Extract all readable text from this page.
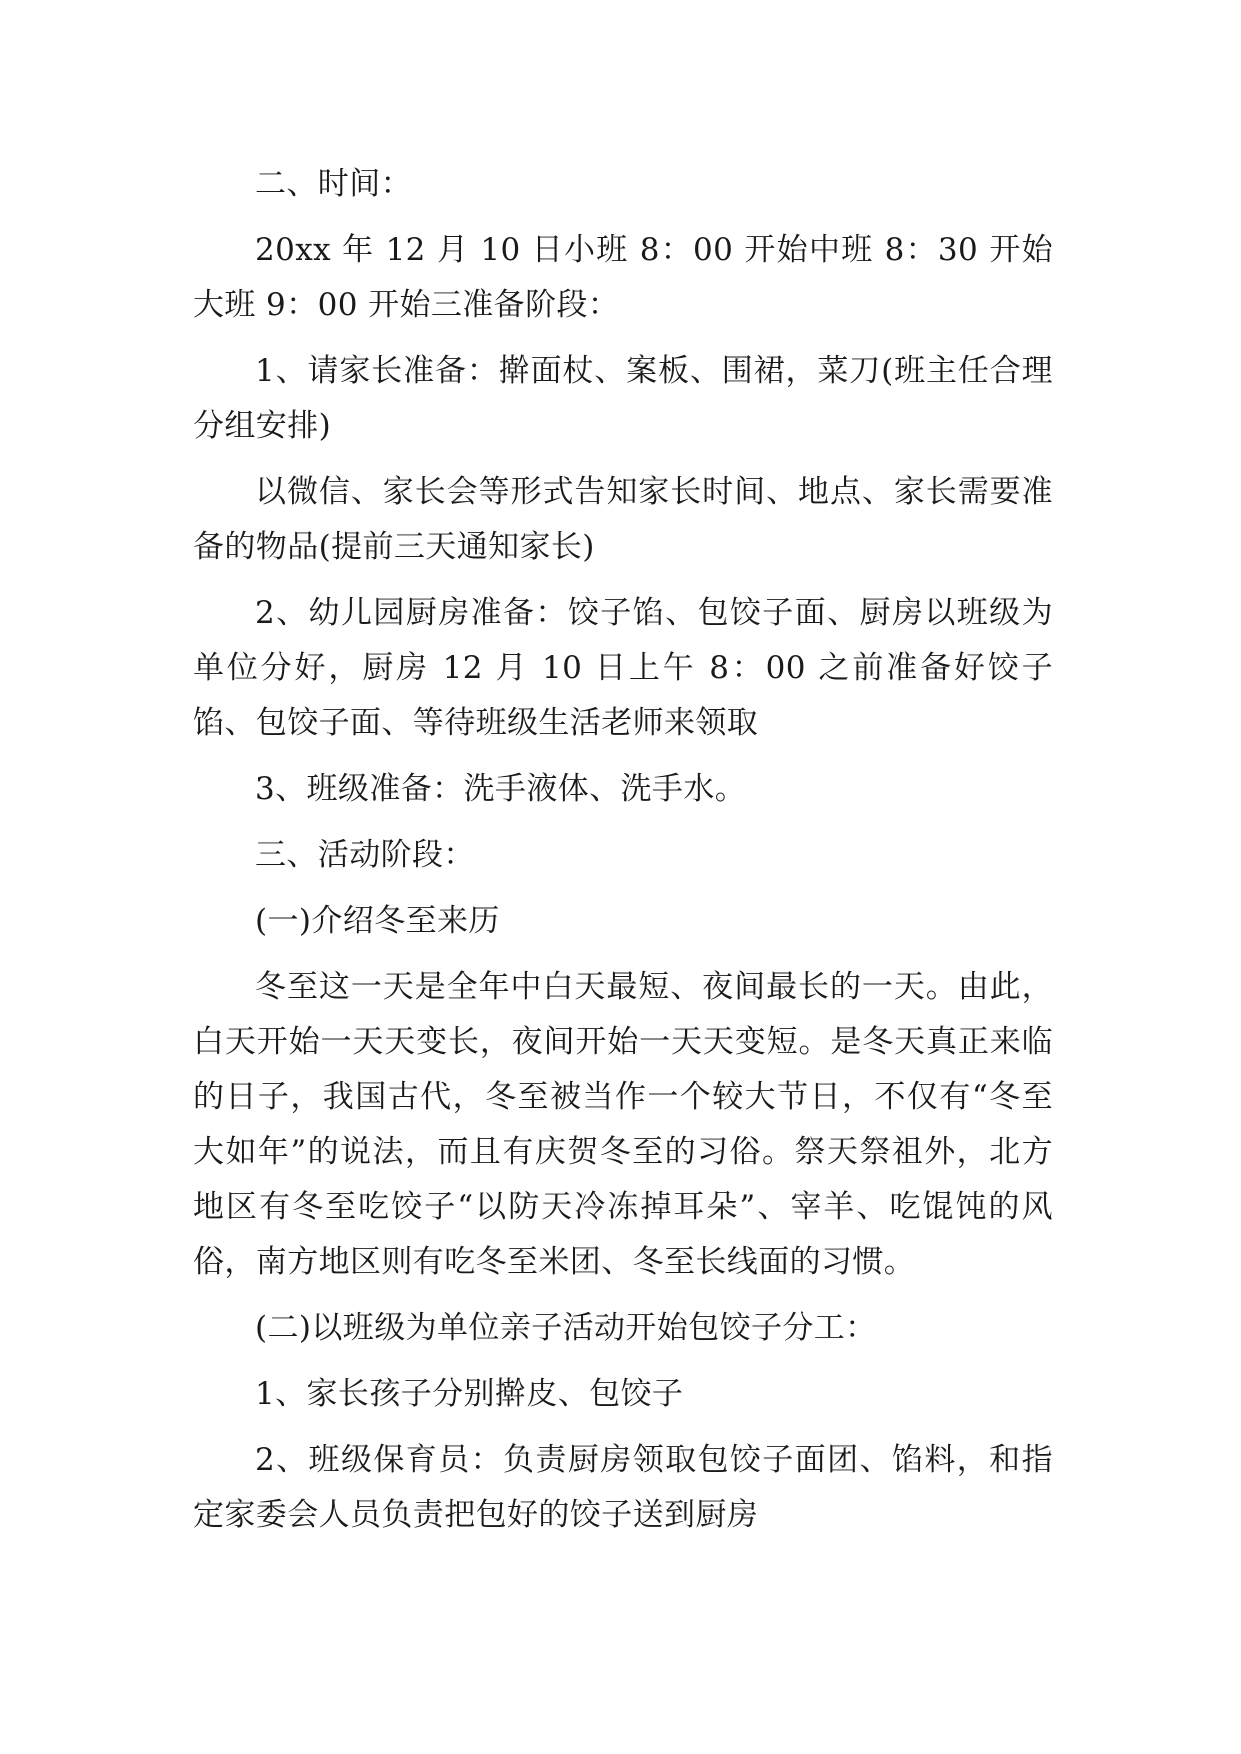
二、时间：

20xx 年 12 月 10 日小班 8：00 开始中班 8：30 开始大班 9：00 开始三准备阶段：

1、请家长准备：擀面杖、案板、围裙，菜刀(班主任合理分组安排)

以微信、家长会等形式告知家长时间、地点、家长需要准备的物品(提前三天通知家长)

2、幼儿园厨房准备：饺子馅、包饺子面、厨房以班级为单位分好，厨房 12 月 10 日上午 8：00 之前准备好饺子馅、包饺子面、等待班级生活老师来领取

3、班级准备：洗手液体、洗手水。

三、活动阶段：

(一)介绍冬至来历

冬至这一天是全年中白天最短、夜间最长的一天。由此，白天开始一天天变长，夜间开始一天天变短。是冬天真正来临的日子，我国古代，冬至被当作一个较大节日，不仅有“冬至大如年”的说法，而且有庆贺冬至的习俗。祭天祭祖外，北方地区有冬至吃饺子“以防天冷冻掉耳朵”、宰羊、吃馄饨的风俗，南方地区则有吃冬至米团、冬至长线面的习惯。

(二)以班级为单位亲子活动开始包饺子分工：

1、家长孩子分别擀皮、包饺子

2、班级保育员：负责厨房领取包饺子面团、馅料，和指定家委会人员负责把包好的饺子送到厨房
